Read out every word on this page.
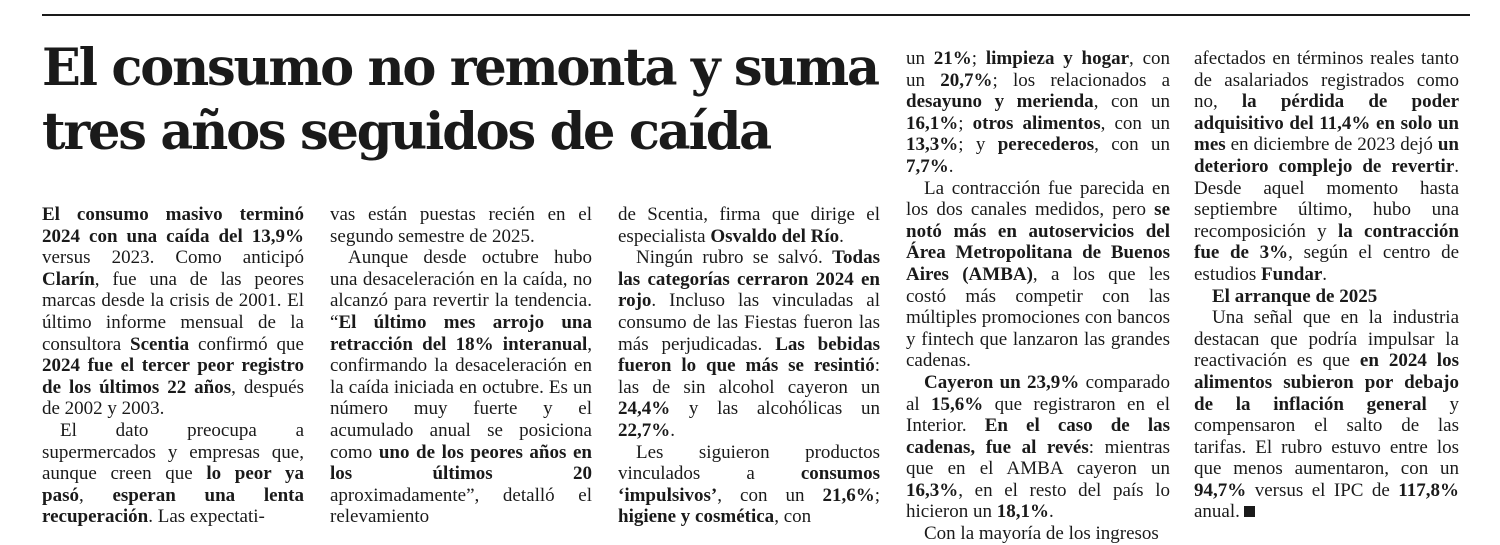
El consumo no remonta y suma tres años seguidos de caída

El consumo masivo terminó 2024 con una caída del 13,9% versus 2023. Como anticipó Clarín, fue una de las peores marcas desde la crisis de 2001. El último informe mensual de la consultora Scentia confirmó que 2024 fue el tercer peor registro de los últimos 22 años, después de 2002 y 2003.

El dato preocupa a supermercados y empresas que, aunque creen que lo peor ya pasó, esperan una lenta recuperación. Las expectati-

vas están puestas recién en el segundo semestre de 2025.

Aunque desde octubre hubo una desaceleración en la caída, no alcanzó para revertir la tendencia. “El último mes arrojo una retracción del 18% interanual, confirmando la desaceleración en la caída iniciada en octubre. Es un número muy fuerte y el acumulado anual se posiciona como uno de los peores años en los últimos 20 aproximadamente”, detalló el relevamiento

de Scentia, firma que dirige el especialista Osvaldo del Río.

Ningún rubro se salvó. Todas las categorías cerraron 2024 en rojo. Incluso las vinculadas al consumo de las Fiestas fueron las más perjudicadas. Las bebidas fueron lo que más se resintió: las de sin alcohol cayeron un 24,4% y las alcohólicas un 22,7%.

Les siguieron productos vinculados a consumos ‘impulsivos’, con un 21,6%; higiene y cosmética, con

un 21%; limpieza y hogar, con un 20,7%; los relacionados a desayuno y merienda, con un 16,1%; otros alimentos, con un 13,3%; y perecederos, con un 7,7%.

La contracción fue parecida en los dos canales medidos, pero se notó más en autoservicios del Área Metropolitana de Buenos Aires (AMBA), a los que les costó más competir con las múltiples promociones con bancos y fintech que lanzaron las grandes cadenas.

Cayeron un 23,9% comparado al 15,6% que registraron en el Interior. En el caso de las cadenas, fue al revés: mientras que en el AMBA cayeron un 16,3%, en el resto del país lo hicieron un 18,1%.

Con la mayoría de los ingresos

afectados en términos reales tanto de asalariados registrados como no, la pérdida de poder adquisitivo del 11,4% en solo un mes en diciembre de 2023 dejó un deterioro complejo de revertir. Desde aquel momento hasta septiembre último, hubo una recomposición y la contracción fue de 3%, según el centro de estudios Fundar.

El arranque de 2025

Una señal que en la industria destacan que podría impulsar la reactivación es que en 2024 los alimentos subieron por debajo de la inflación general y compensaron el salto de las tarifas. El rubro estuvo entre los que menos aumentaron, con un 94,7% versus el IPC de 117,8% anual.
